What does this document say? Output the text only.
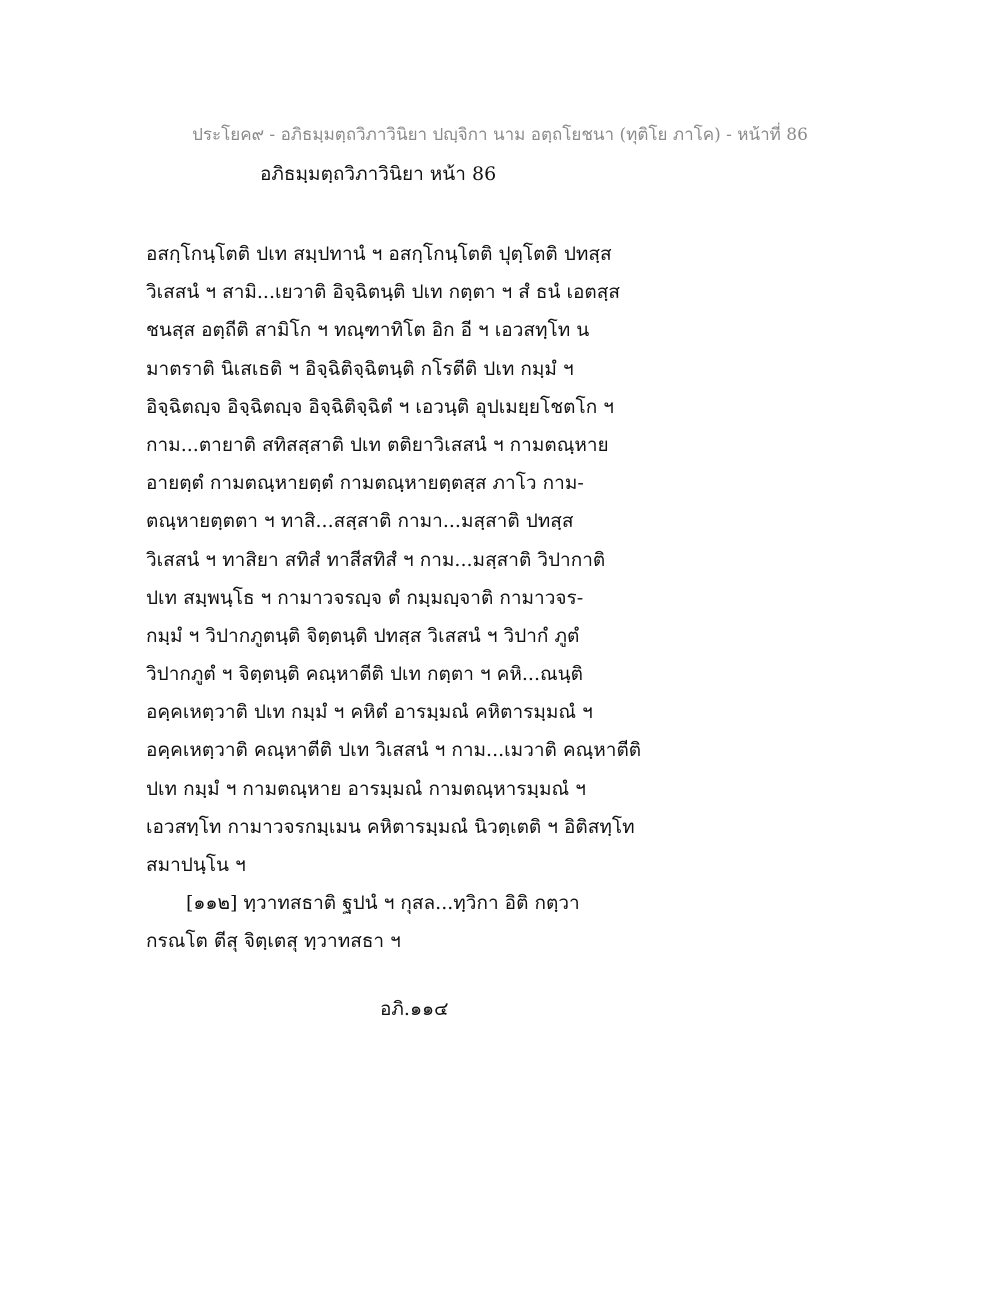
ประโยค๙ - อภิธมฺมตฺถวิภาวินิยา ปญฺจิกา นาม อตฺถโยชนา (ทุติโย ภาโค) - หน้าที่ 86
อภิธมฺมตฺถวิภาวินิยา หน้า 86
อสกฺโกนฺโตติ ปเท สมฺปทานํ ฯ อสกฺโกนฺโตติ ปุตฺโตติ ปทสฺส
วิเสสนํ ฯ สามิ...เยวาติ อิจฺฉิตนฺติ ปเท กตฺตา ฯ สํ ธนํ เอตสฺส
ชนสฺส อตฺถีติ สามิโก ฯ ทณฺฑาทิโต อิก อี ฯ เอวสทฺโท น
มาตราติ นิเสเธติ ฯ อิจฺฉิติจฺฉิตนฺติ กโรตีติ ปเท กมฺมํ ฯ
อิจฺฉิตญฺจ อิจฺฉิตญฺจ อิจฺฉิติจฺฉิตํ ฯ เอวนฺติ อุปเมยฺยโชตโก ฯ
กาม...ตายาติ สทิสสฺสาติ ปเท ตติยาวิเสสนํ ฯ กามตณฺหาย
อายตฺตํ กามตณฺหายตฺตํ กามตณฺหายตฺตสฺส ภาโว กาม-
ตณฺหายตฺตตา ฯ ทาสิ...สสฺสาติ กามา...มสฺสาติ ปทสฺส
วิเสสนํ ฯ ทาสิยา สทิสํ ทาสีสทิสํ ฯ กาม...มสฺสาติ วิปากาติ
ปเท สมฺพนฺโธ ฯ กามาวจรญฺจ ตํ กมฺมญฺจาติ กามาวจร-
กมฺมํ ฯ วิปากภูตนฺติ จิตฺตนฺติ ปทสฺส วิเสสนํ ฯ วิปากํ ภูตํ
วิปากภูตํ ฯ จิตฺตนฺติ คณฺหาตีติ ปเท กตฺตา ฯ คหิ...ณนฺติ
อคฺคเหตฺวาติ ปเท กมฺมํ ฯ คหิตํ อารมฺมณํ คหิตารมฺมณํ ฯ
อคฺคเหตฺวาติ คณฺหาตีติ ปเท วิเสสนํ ฯ กาม...เมวาติ คณฺหาตีติ
ปเท กมฺมํ ฯ กามตณฺหาย อารมฺมณํ กามตณฺหารมฺมณํ ฯ
เอวสทฺโท กามาวจรกมฺเมน คหิตารมฺมณํ นิวตฺเตติ ฯ อิติสทฺโท
สมาปนฺโน ฯ
[๑๑๒] ทฺวาทสธาติ ฐปนํ ฯ กุสล...ทฺวิกา อิติ กตฺวา
กรณโต ตีสุ จิตฺเตสุ ทฺวาทสธา ฯ
อภิ.๑๑๔
